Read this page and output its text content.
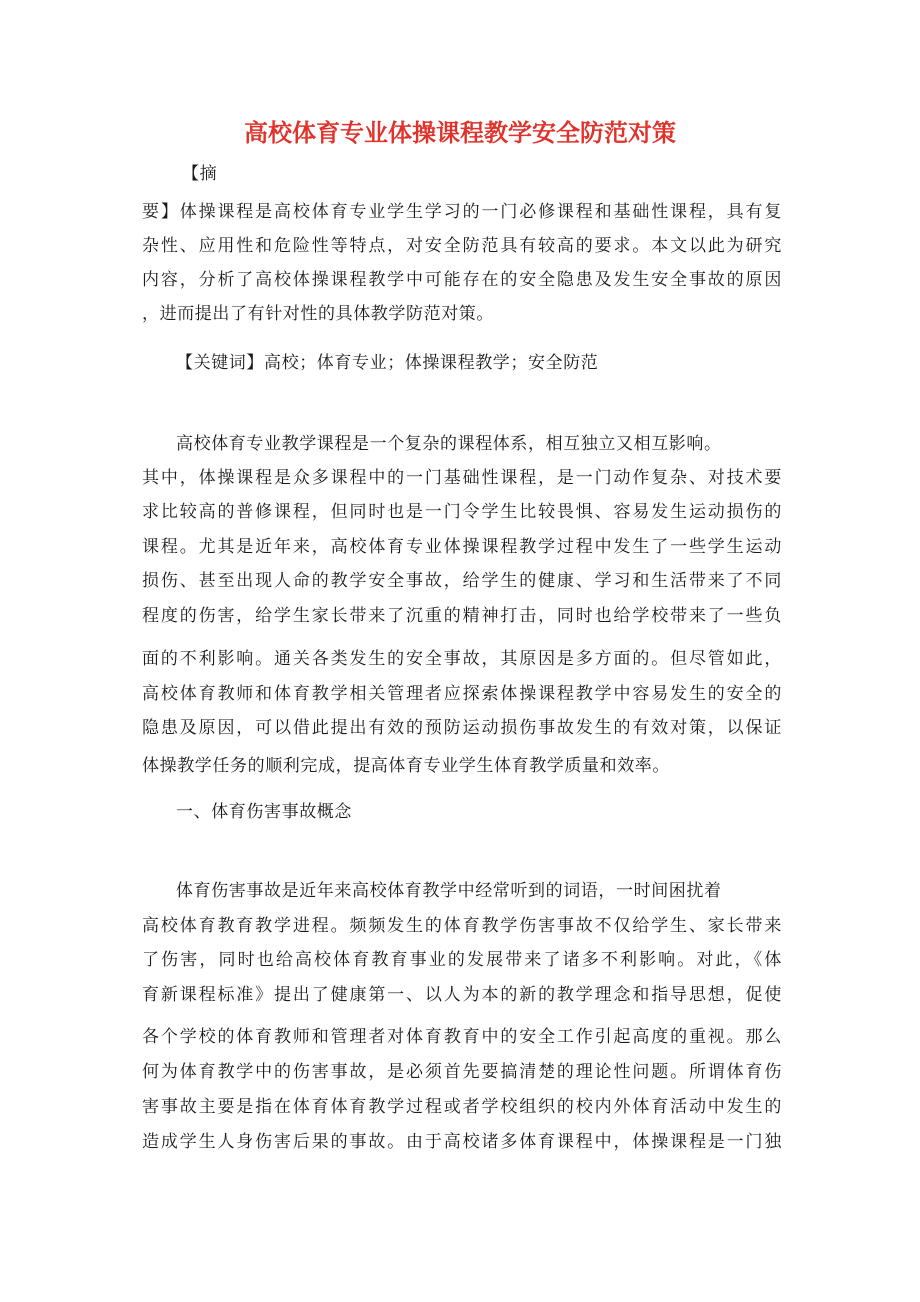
高校体育专业体操课程教学安全防范对策
【摘
要】体操课程是高校体育专业学生学习的一门必修课程和基础性课程，具有复
杂性、应用性和危险性等特点，对安全防范具有较高的要求。本文以此为研究
内容，分析了高校体操课程教学中可能存在的安全隐患及发生安全事故的原因
，进而提出了有针对性的具体教学防范对策。
【关键词】高校；体育专业；体操课程教学；安全防范
高校体育专业教学课程是一个复杂的课程体系，相互独立又相互影响。
其中，体操课程是众多课程中的一门基础性课程，是一门动作复杂、对技术要
求比较高的普修课程，但同时也是一门令学生比较畏惧、容易发生运动损伤的
课程。尤其是近年来，高校体育专业体操课程教学过程中发生了一些学生运动
损伤、甚至出现人命的教学安全事故，给学生的健康、学习和生活带来了不同
程度的伤害，给学生家长带来了沉重的精神打击，同时也给学校带来了一些负
面的不利影响。通关各类发生的安全事故，其原因是多方面的。但尽管如此，
高校体育教师和体育教学相关管理者应探索体操课程教学中容易发生的安全的
隐患及原因，可以借此提出有效的预防运动损伤事故发生的有效对策，以保证
体操教学任务的顺利完成，提高体育专业学生体育教学质量和效率。
一、体育伤害事故概念
体育伤害事故是近年来高校体育教学中经常听到的词语，一时间困扰着
高校体育教育教学进程。频频发生的体育教学伤害事故不仅给学生、家长带来
了伤害，同时也给高校体育教育事业的发展带来了诸多不利影响。对此，《体
育新课程标准》提出了健康第一、以人为本的新的教学理念和指导思想，促使
各个学校的体育教师和管理者对体育教育中的安全工作引起高度的重视。那么
何为体育教学中的伤害事故，是必须首先要搞清楚的理论性问题。所谓体育伤
害事故主要是指在体育体育教学过程或者学校组织的校内外体育活动中发生的
造成学生人身伤害后果的事故。由于高校诸多体育课程中，体操课程是一门独
